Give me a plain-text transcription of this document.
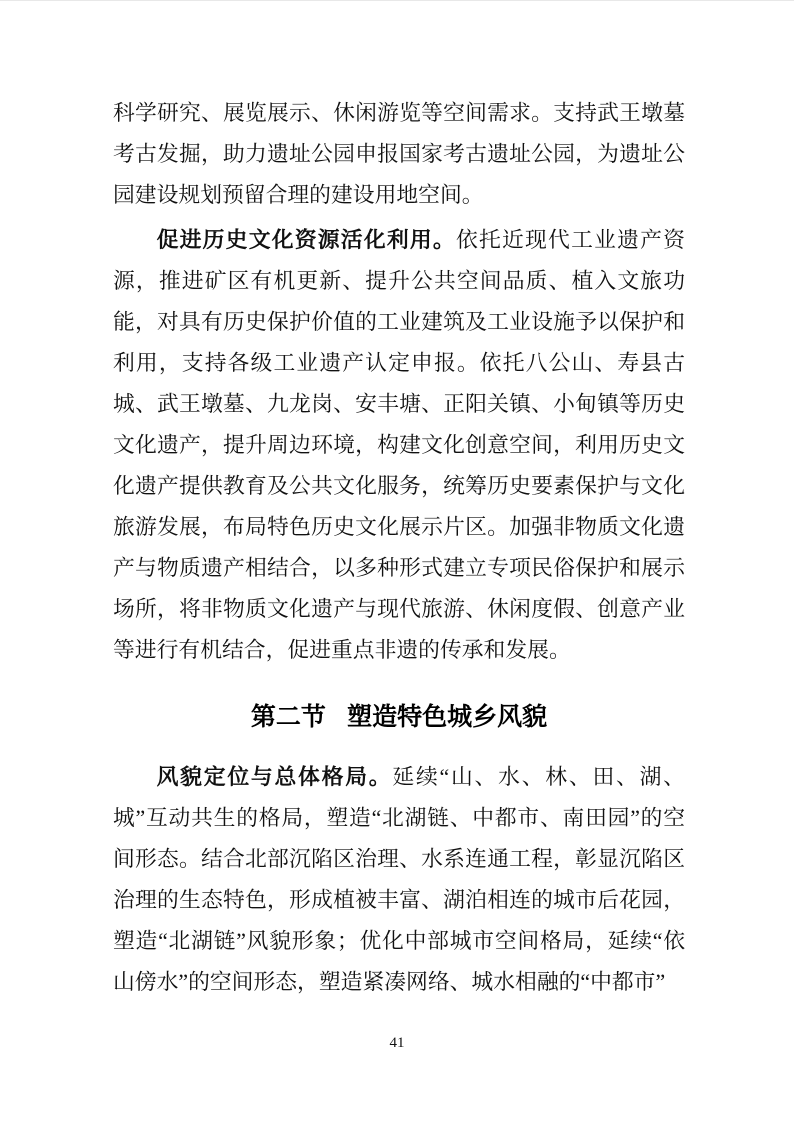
科学研究、展览展示、休闲游览等空间需求。支持武王墩墓考古发掘，助力遗址公园申报国家考古遗址公园，为遗址公园建设规划预留合理的建设用地空间。

促进历史文化资源活化利用。依托近现代工业遗产资源，推进矿区有机更新、提升公共空间品质、植入文旅功能，对具有历史保护价值的工业建筑及工业设施予以保护和利用，支持各级工业遗产认定申报。依托八公山、寿县古城、武王墩墓、九龙岗、安丰塘、正阳关镇、小甸镇等历史文化遗产，提升周边环境，构建文化创意空间，利用历史文化遗产提供教育及公共文化服务，统筹历史要素保护与文化旅游发展，布局特色历史文化展示片区。加强非物质文化遗产与物质遗产相结合，以多种形式建立专项民俗保护和展示场所，将非物质文化遗产与现代旅游、休闲度假、创意产业等进行有机结合，促进重点非遗的传承和发展。

第二节 塑造特色城乡风貌

风貌定位与总体格局。延续“山、水、林、田、湖、城”互动共生的格局，塑造“北湖链、中都市、南田园”的空间形态。结合北部沉陷区治理、水系连通工程，彰显沉陷区治理的生态特色，形成植被丰富、湖泊相连的城市后花园，塑造“北湖链”风貌形象；优化中部城市空间格局，延续“依山傍水”的空间形态，塑造紧凑网络、城水相融的“中都市”

41
